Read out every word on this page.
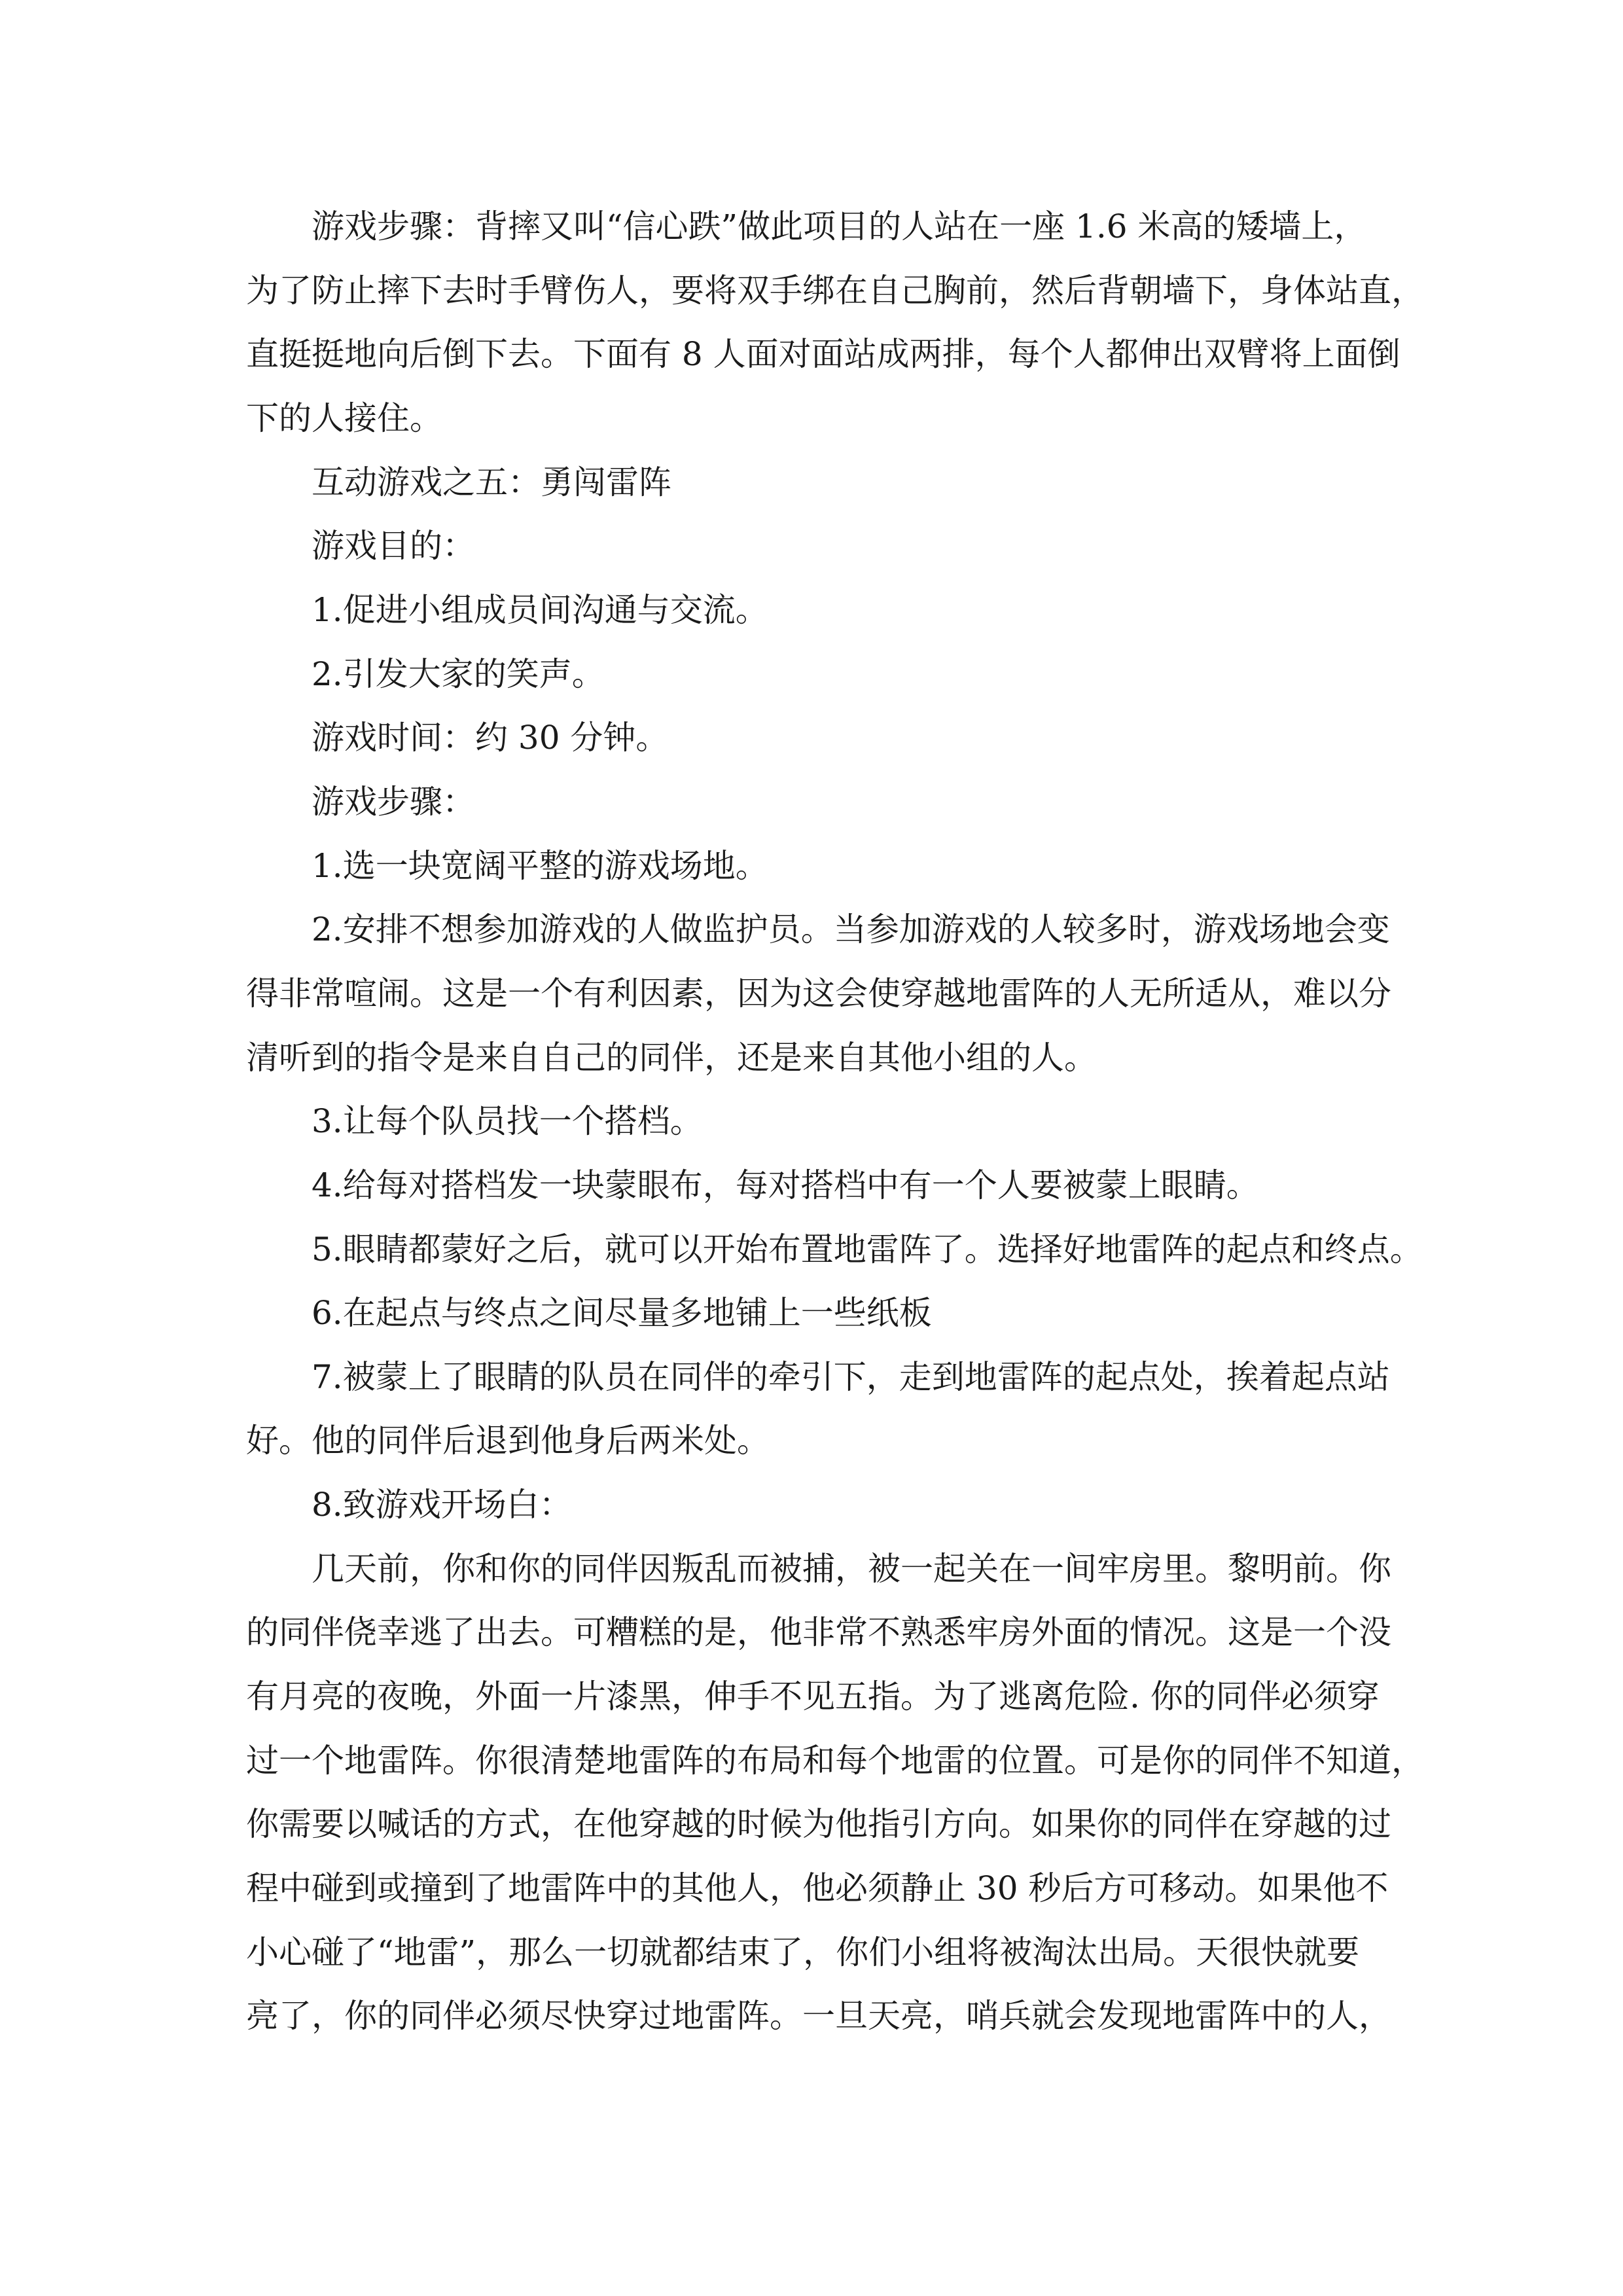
游戏步骤：背摔又叫“信心跌”做此项目的人站在一座 1.6 米高的矮墙上，
为了防止摔下去时手臂伤人，要将双手绑在自己胸前，然后背朝墙下，身体站直，
直挺挺地向后倒下去。下面有 8 人面对面站成两排，每个人都伸出双臂将上面倒
下的人接住。
互动游戏之五：勇闯雷阵
游戏目的：
1.促进小组成员间沟通与交流。
2.引发大家的笑声。
游戏时间：约 30 分钟。
游戏步骤：
1.选一块宽阔平整的游戏场地。
2.安排不想参加游戏的人做监护员。当参加游戏的人较多时，游戏场地会变
得非常喧闹。这是一个有利因素，因为这会使穿越地雷阵的人无所适从，难以分
清听到的指令是来自自己的同伴，还是来自其他小组的人。
3.让每个队员找一个搭档。
4.给每对搭档发一块蒙眼布，每对搭档中有一个人要被蒙上眼睛。
5.眼睛都蒙好之后，就可以开始布置地雷阵了。选择好地雷阵的起点和终点。
6.在起点与终点之间尽量多地铺上一些纸板
7.被蒙上了眼睛的队员在同伴的牵引下，走到地雷阵的起点处，挨着起点站
好。他的同伴后退到他身后两米处。
8.致游戏开场白：
几天前，你和你的同伴因叛乱而被捕，被一起关在一间牢房里。黎明前。你
的同伴侥幸逃了出去。可糟糕的是，他非常不熟悉牢房外面的情况。这是一个没
有月亮的夜晚，外面一片漆黑，伸手不见五指。为了逃离危险. 你的同伴必须穿
过一个地雷阵。你很清楚地雷阵的布局和每个地雷的位置。可是你的同伴不知道，
你需要以喊话的方式，在他穿越的时候为他指引方向。如果你的同伴在穿越的过
程中碰到或撞到了地雷阵中的其他人，他必须静止 30 秒后方可移动。如果他不
小心碰了“地雷”，那么一切就都结束了，你们小组将被淘汰出局。天很快就要
亮了，你的同伴必须尽快穿过地雷阵。一旦天亮，哨兵就会发现地雷阵中的人，
